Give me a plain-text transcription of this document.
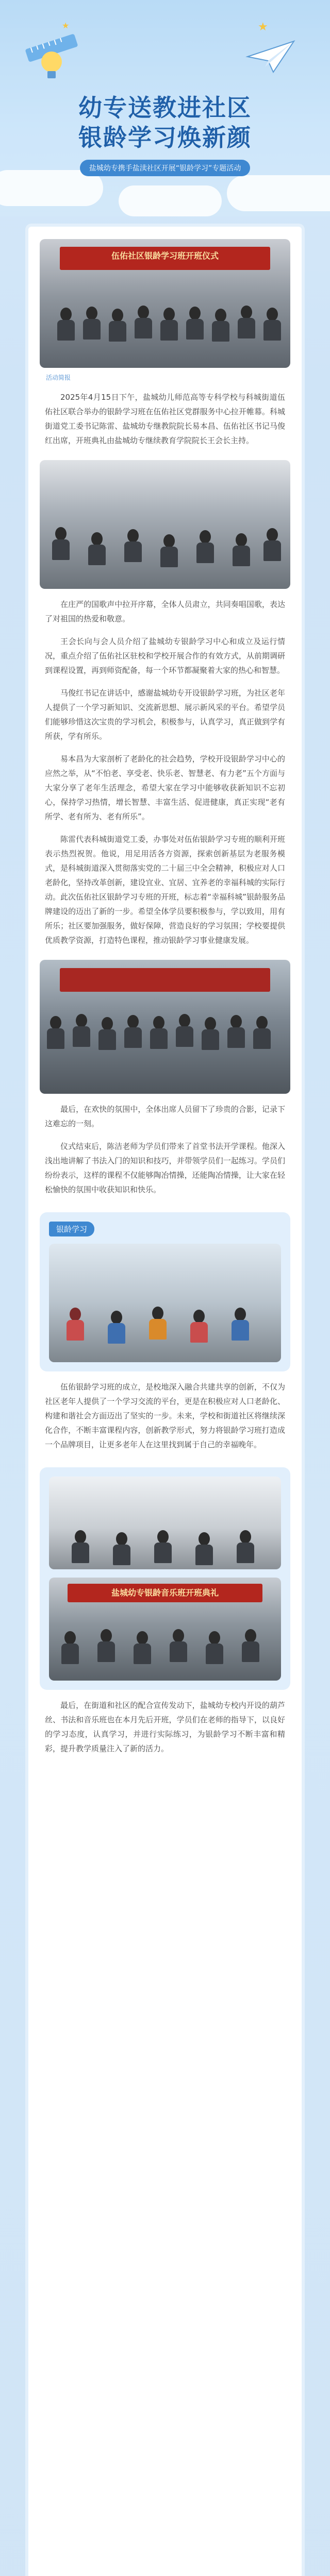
★
★
幼专送教进社区
银龄学习焕新颜
盐城幼专携手盐渎社区开展“银龄学习”专题活动
伍佑社区银龄学习班开班仪式
活动简报

2025年4月15日下午，盐城幼儿师范高等专科学校与科城街道伍佑社区联合举办的银龄学习班在伍佑社区党群服务中心拉开帷幕。科城街道党工委书记陈雷、盐城幼专继教院院长易本昌、伍佑社区书记马俊红出席，开班典礼由盐城幼专继续教育学院院长王会长主持。

在庄严的国歌声中拉开序幕，全体人员肃立，共同奏唱国歌，表达了对祖国的热爱和敬意。

王会长向与会人员介绍了盐城幼专银龄学习中心和成立及运行情况，重点介绍了伍佑社区驻校和学校开展合作的有效方式，从前期调研到课程设置，再到师资配备，每一个环节都凝聚着大家的热心和智慧。

马俊红书记在讲话中，感谢盐城幼专开设银龄学习班，为社区老年人提供了一个学习新知识、交流新思想、展示新风采的平台。希望学员们能够珍惜这次宝贵的学习机会，积极参与，认真学习，真正做到学有所获，学有所乐。

易本昌为大家剖析了老龄化的社会趋势，学校开设银龄学习中心的应然之举，从“不怕老、享受老、快乐老、智慧老、有力老”五个方面与大家分享了老年生活理念，希望大家在学习中能够收获新知识不忘初心，保持学习热情，增长智慧、丰富生活、促进健康，真正实现“老有所学、老有所为、老有所乐”。

陈雷代表科城街道党工委，办事处对伍佑银龄学习专班的顺利开班表示热烈祝贺。他说，用足用活各方资源，探索创新基层为老服务模式，是科城街道深入贯彻落实党的二十届三中全会精神，积极应对人口老龄化，坚持改革创新，建设宜业、宜居、宜养老的幸福科城的实际行动。此次伍佑社区银龄学习专班的开班，标志着“幸福科城”银龄服务品牌建设的迈出了新的一步。希望全体学员要积极参与，学以致用，用有所乐；社区要加强服务，做好保障，营造良好的学习氛围；学校要提供优质教学资源，打造特色课程，推动银龄学习事业健康发展。

最后，在欢快的氛围中，全体出席人员留下了珍贵的合影，记录下这难忘的一刻。

仪式结束后，陈洁老师为学员们带来了首堂书法开学课程。他深入浅出地讲解了书法入门的知识和技巧，并带领学员们一起练习。学员们纷纷表示，这样的课程不仅能够陶冶情操，还能陶冶情操，让大家在轻松愉快的氛围中收获知识和快乐。

银龄学习

伍佑银龄学习班的成立，是校地深入融合共建共享的创新，不仅为社区老年人提供了一个学习交流的平台，更是在积极应对人口老龄化、构建和谐社会方面迈出了坚实的一步。未来，学校和街道社区将继续深化合作，不断丰富课程内容，创新教学形式，努力将银龄学习班打造成一个品牌项目，让更多老年人在这里找到属于自己的幸福晚年。

盐城幼专银龄音乐班开班典礼

最后，在街道和社区的配合宣传发动下，盐城幼专校内开设的葫芦丝、书法和音乐班也在本月先后开班，学员们在老师的指导下，以良好的学习态度，认真学习，并进行实际练习，为银龄学习不断丰富和精彩，提升教学质量注入了新的活力。
